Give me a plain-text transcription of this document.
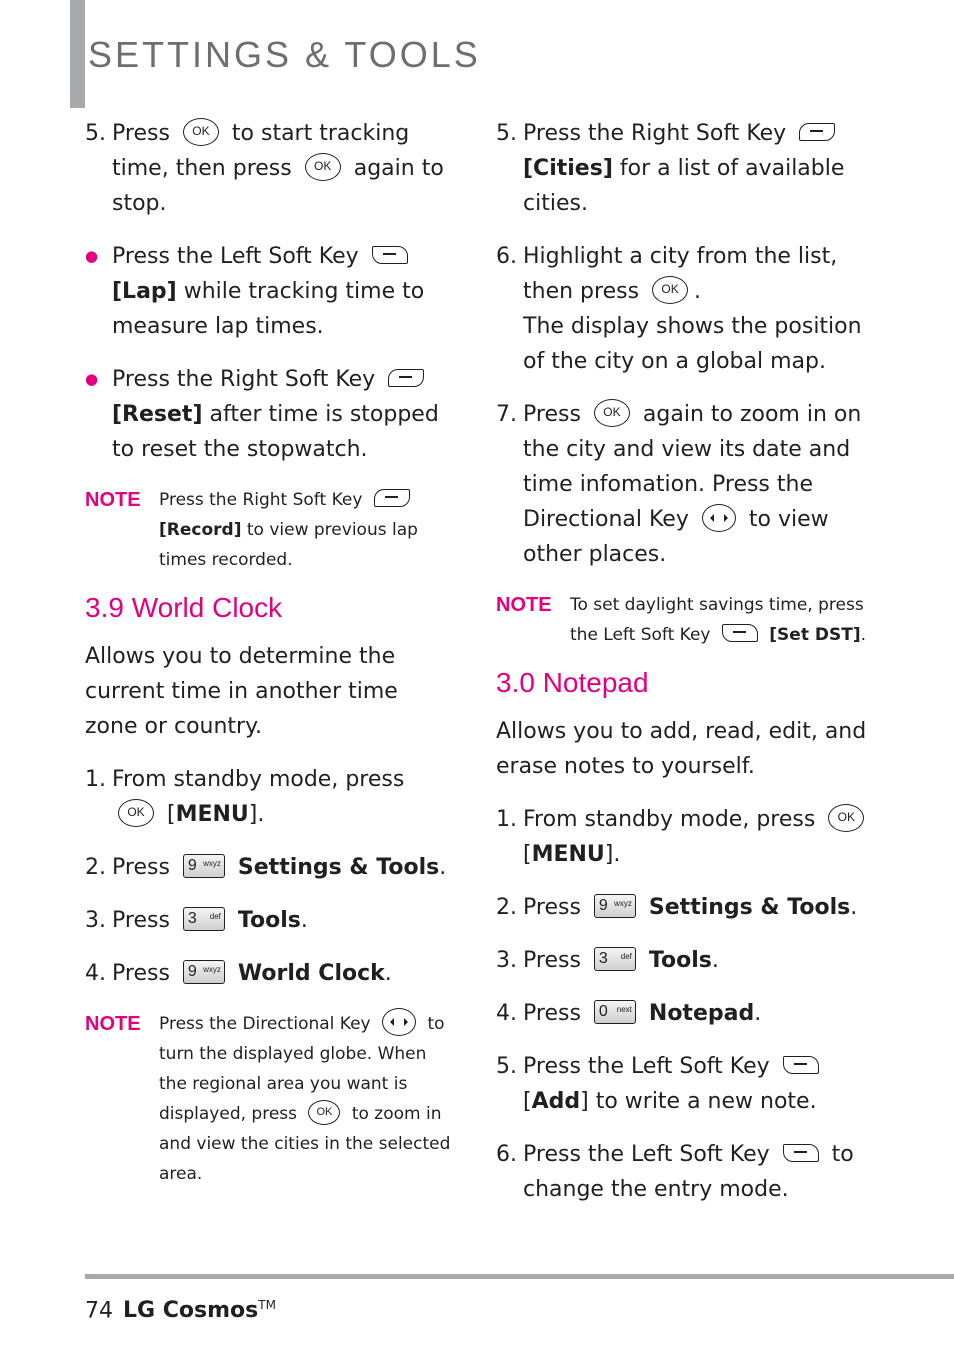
SETTINGS & TOOLS
5. Press OK to start tracking time, then press OK again to stop.
● Press the Left Soft Key  [Lap] while tracking time to measure lap times.
● Press the Right Soft Key  [Reset] after time is stopped to reset the stopwatch.
NOTE Press the Right Soft Key  [Record] to view previous lap times recorded.
3.9 World Clock
Allows you to determine the current time in another time zone or country.
1. From standby mode, press OK [MENU].
2. Press 9 wxyz Settings & Tools.
3. Press 3 def Tools.
4. Press 9 wxyz World Clock.
NOTE Press the Directional Key	to turn the displayed globe. When the regional area you want is displayed, press OK to zoom in and view the cities in the selected area.
5. Press the Right Soft Key  [Cities] for a list of available cities.
6. Highlight a city from the list, then press OK .
The display shows the position of the city on a global map.
7. Press OK again to zoom in on the city and view its date and time infomation. Press the Directional Key	to view other places.
NOTE To set daylight savings time, press the Left Soft Key	[Set DST].
3.0 Notepad
Allows you to add, read, edit, and erase notes to yourself.
1. From standby mode, press OK [MENU].
2. Press 9 wxyz Settings & Tools.
3. Press 3 def Tools.
4. Press 0 next Notepad.
5. Press the Left Soft Key  [Add] to write a new note.
6. Press the Left Soft Key	to change the entry mode.
74 LG Cosmos™
